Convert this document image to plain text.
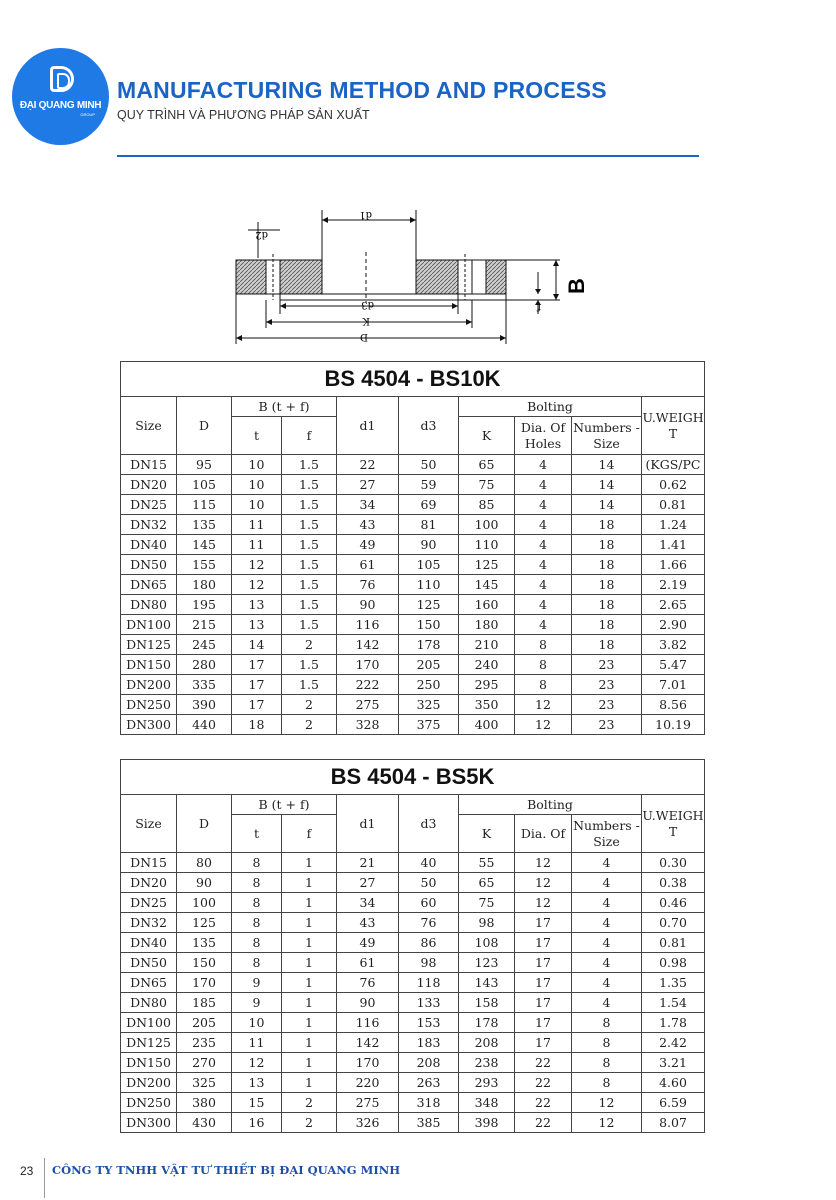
ĐẠI QUANG MINH
GROUP
MANUFACTURING METHOD AND PROCESS
QUY TRÌNH VÀ PHƯƠNG PHÁP SẢN XUẤT
d2
d1
d3
K
D
B
f
BS 4504 - BS10K									
Size	D	B (t + f)		d1	d3	Bolting			U.WEIGH T
		t	f			K	Dia. Of Holes	Numbers - Size	
DN15	95	10	1.5	22	50	65	4	14	(KGS/PC
DN20	105	10	1.5	27	59	75	4	14	0.62
DN25	115	10	1.5	34	69	85	4	14	0.81
DN32	135	11	1.5	43	81	100	4	18	1.24
DN40	145	11	1.5	49	90	110	4	18	1.41
DN50	155	12	1.5	61	105	125	4	18	1.66
DN65	180	12	1.5	76	110	145	4	18	2.19
DN80	195	13	1.5	90	125	160	4	18	2.65
DN100	215	13	1.5	116	150	180	4	18	2.90
DN125	245	14	2	142	178	210	8	18	3.82
DN150	280	17	1.5	170	205	240	8	23	5.47
DN200	335	17	1.5	222	250	295	8	23	7.01
DN250	390	17	2	275	325	350	12	23	8.56
DN300	440	18	2	328	375	400	12	23	10.19
BS 4504 - BS5K									
Size	D	B (t + f)		d1	d3	Bolting			U.WEIGH T
		t	f			K	Dia. Of	Numbers - Size	
DN15	80	8	1	21	40	55	12	4	0.30
DN20	90	8	1	27	50	65	12	4	0.38
DN25	100	8	1	34	60	75	12	4	0.46
DN32	125	8	1	43	76	98	17	4	0.70
DN40	135	8	1	49	86	108	17	4	0.81
DN50	150	8	1	61	98	123	17	4	0.98
DN65	170	9	1	76	118	143	17	4	1.35
DN80	185	9	1	90	133	158	17	4	1.54
DN100	205	10	1	116	153	178	17	8	1.78
DN125	235	11	1	142	183	208	17	8	2.42
DN150	270	12	1	170	208	238	22	8	3.21
DN200	325	13	1	220	263	293	22	8	4.60
DN250	380	15	2	275	318	348	22	12	6.59
DN300	430	16	2	326	385	398	22	12	8.07
23 CÔNG TY TNHH VẬT TƯ THIẾT BỊ ĐẠI QUANG MINH
